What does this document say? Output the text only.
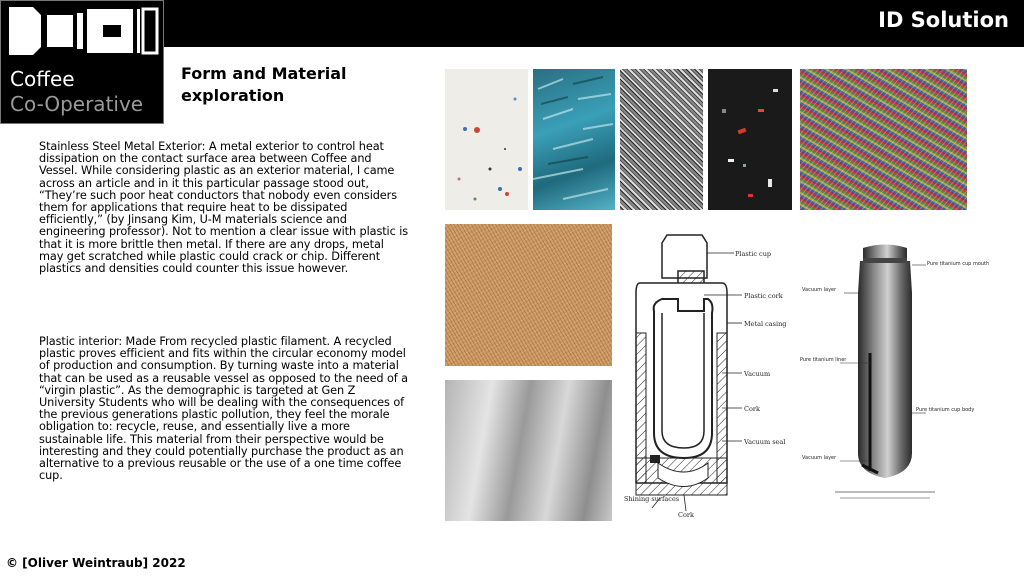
ID Solution
Coffee
Co-Operative
Form and Material exploration
Stainless Steel Metal Exterior: A metal exterior to control heat dissipation on the contact surface area between Coffee and Vessel. While considering plastic as an exterior material, I came across an article and in it this particular passage stood out, “They’re such poor heat conductors that nobody even considers them for applications that require heat to be dissipated efficiently,” (by Jinsang Kim, U-M materials science and engineering professor). Not to mention a clear issue with plastic is that it is more brittle then metal. If there are any drops, metal may get scratched while plastic could crack or chip. Different plastics and densities could counter this issue however.
Plastic interior: Made From recycled plastic filament. A recycled plastic proves efficient and fits within the circular economy model of production and consumption. By turning waste into a material that can be used as a reusable vessel as opposed to the need of a “virgin plastic”. As the demographic is targeted at Gen Z University Students who will be dealing with the consequences of the previous generations plastic pollution, they feel the morale obligation to: recycle, reuse, and essentially live a more sustainable life. This material from their perspective would be interesting and they could potentially purchase the product as an alternative to a previous reusable or the use of a one time coffee cup.
© [Oliver Weintraub] 2022
Plastic cup
Plastic cork
Metal casing
Vacuum
Cork
Vacuum seal
Shining surfaces
Cork
Pure titanium cup mouth
Vacuum layer
Pure titanium liner
Pure titanium cup body
Vacuum layer
